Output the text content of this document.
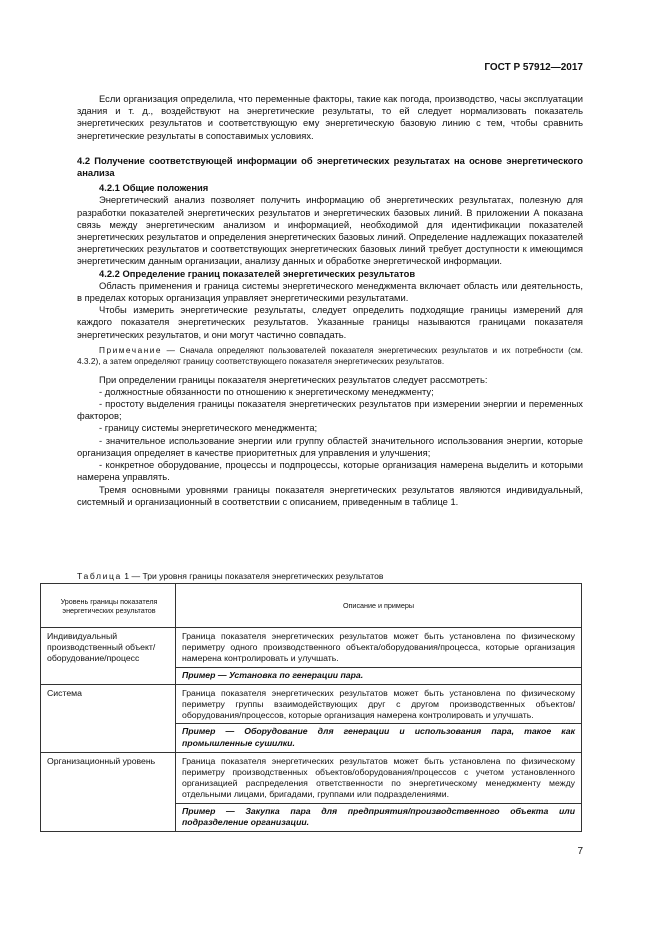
ГОСТ Р 57912—2017

Если организация определила, что переменные факторы, такие как погода, производство, часы эксплуатации здания и т. д., воздействуют на энергетические результаты, то ей следует нормализовать показатель энергетических результатов и соответствующую ему энергетическую базовую линию с тем, чтобы сравнить энергетические результаты в сопоставимых условиях.

4.2 Получение соответствующей информации об энергетических результатах на основе энергетического анализа

4.2.1 Общие положения

Энергетический анализ позволяет получить информацию об энергетических результатах, полезную для разработки показателей энергетических результатов и энергетических базовых линий. В приложении А показана связь между энергетическим анализом и информацией, необходимой для идентификации показателей энергетических результатов и определения энергетических базовых линий. Определение надлежащих показателей энергетических результатов и соответствующих энергетических базовых линий требует доступности к имеющимся энергетическим данным организации, анализу данных и обработке энергетической информации.

4.2.2 Определение границ показателей энергетических результатов

Область применения и граница системы энергетического менеджмента включает область или деятельность, в пределах которых организация управляет энергетическими результатами.

Чтобы измерить энергетические результаты, следует определить подходящие границы измерений для каждого показателя энергетических результатов. Указанные границы называются границами показателя энергетических результатов, и они могут частично совпадать.

Примечание — Сначала определяют пользователей показателя энергетических результатов и их потребности (см. 4.3.2), а затем определяют границу соответствующего показателя энергетических результатов.

При определении границы показателя энергетических результатов следует рассмотреть:

- должностные обязанности по отношению к энергетическому менеджменту;

- простоту выделения границы показателя энергетических результатов при измерении энергии и переменных факторов;

- границу системы энергетического менеджмента;

- значительное использование энергии или группу областей значительного использования энергии, которые организация определяет в качестве приоритетных для управления и улучшения;

- конкретное оборудование, процессы и подпроцессы, которые организация намерена выделить и которыми намерена управлять.

Тремя основными уровнями границы показателя энергетических результатов являются индивидуальный, системный и организационный в соответствии с описанием, приведенным в таблице 1.

Таблица 1 — Три уровня границы показателя энергетических результатов
Уровень границы показателя энергетических результатов	Описание и примеры
Индивидуальный производственный объект/оборудование/процесс	Граница показателя энергетических результатов может быть установлена по физическому периметру одного производственного объекта/оборудования/процесса, которые организация намерена контролировать и улучшать.
Пример — Установка по генерации пара.

Система	Граница показателя энергетических результатов может быть установлена по физическому периметру группы взаимодействующих друг с другом производственных объектов/оборудования/процессов, которые организация намерена контролировать и улучшать.
Пример — Оборудование для генерации и использования пара, такое как промышленные сушилки.

Организационный уровень	Граница показателя энергетических результатов может быть установлена по физическому периметру производственных объектов/оборудования/процессов с учетом установленного организацией распределения ответственности по энергетическому менеджменту между отдельными лицами, бригадами, группами или подразделениями.
Пример — Закупка пара для предприятия/производственного объекта или подразделение организации.
7
